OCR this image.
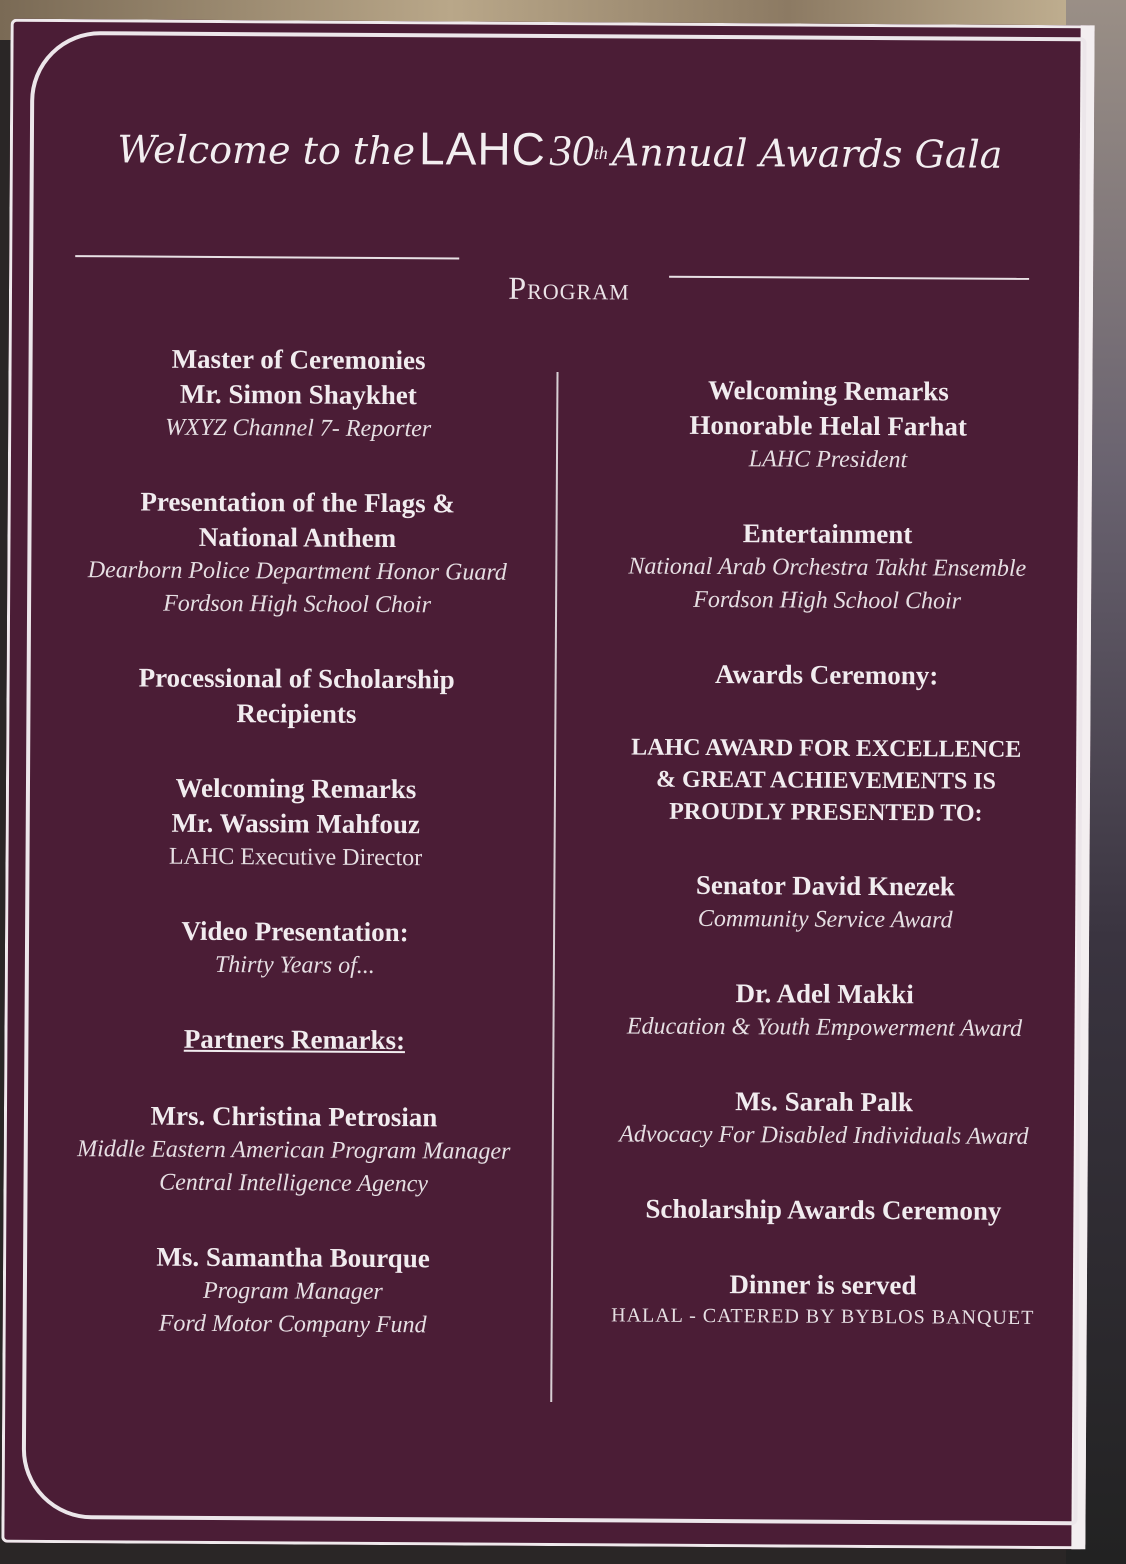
Welcome to the LAHC 30th Annual Awards Gala
Program
Master of Ceremonies
Mr. Simon Shaykhet
WXYZ Channel 7- Reporter
Presentation of the Flags &
National Anthem
Dearborn Police Department Honor Guard
Fordson High School Choir
Processional of Scholarship
Recipients
Welcoming Remarks
Mr. Wassim Mahfouz
LAHC Executive Director
Video Presentation:
Thirty Years of...
Partners Remarks:
Mrs. Christina Petrosian
Middle Eastern American Program Manager
Central Intelligence Agency
Ms. Samantha Bourque
Program Manager
Ford Motor Company Fund
Welcoming Remarks
Honorable Helal Farhat
LAHC President
Entertainment
National Arab Orchestra Takht Ensemble
Fordson High School Choir
Awards Ceremony:
LAHC AWARD FOR EXCELLENCE
& GREAT ACHIEVEMENTS IS
PROUDLY PRESENTED TO:
Senator David Knezek
Community Service Award
Dr. Adel Makki
Education & Youth Empowerment Award
Ms. Sarah Palk
Advocacy For Disabled Individuals Award
Scholarship Awards Ceremony
Dinner is served
HALAL - CATERED BY BYBLOS BANQUET
